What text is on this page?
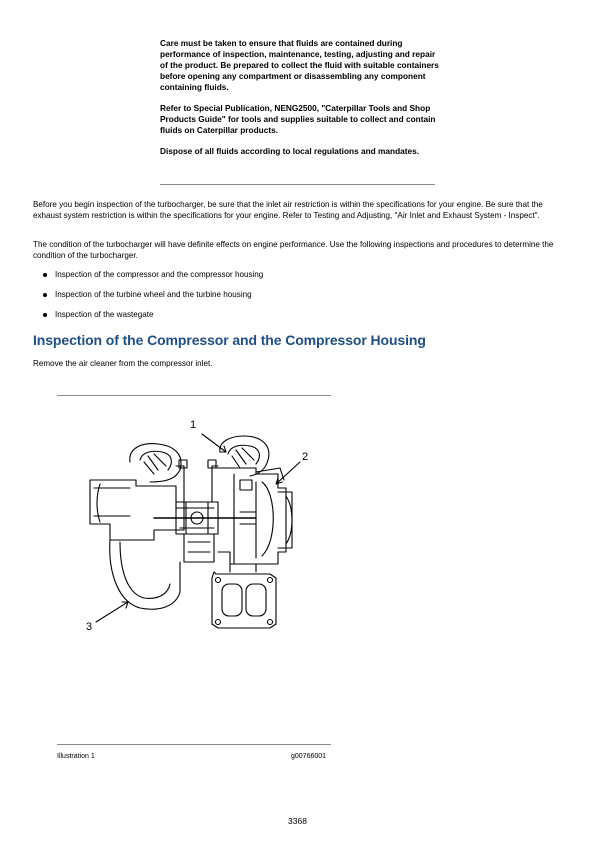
Care must be taken to ensure that fluids are contained during performance of inspection, maintenance, testing, adjusting and repair of the product. Be prepared to collect the fluid with suitable containers before opening any compartment or disassembling any component containing fluids.

Refer to Special Publication, NENG2500, "Caterpillar Tools and Shop Products Guide" for tools and supplies suitable to collect and contain fluids on Caterpillar products.

Dispose of all fluids according to local regulations and mandates.

Before you begin inspection of the turbocharger, be sure that the inlet air restriction is within the specifications for your engine. Be sure that the exhaust system restriction is within the specifications for your engine. Refer to Testing and Adjusting, "Air Inlet and Exhaust System - Inspect".

The condition of the turbocharger will have definite effects on engine performance. Use the following inspections and procedures to determine the condition of the turbocharger.

Inspection of the compressor and the compressor housing
Inspection of the turbine wheel and the turbine housing
Inspection of the wastegate
Inspection of the Compressor and the Compressor Housing

Remove the air cleaner from the compressor inlet.

1
2
3
Illustration 1	g00766001
3368
